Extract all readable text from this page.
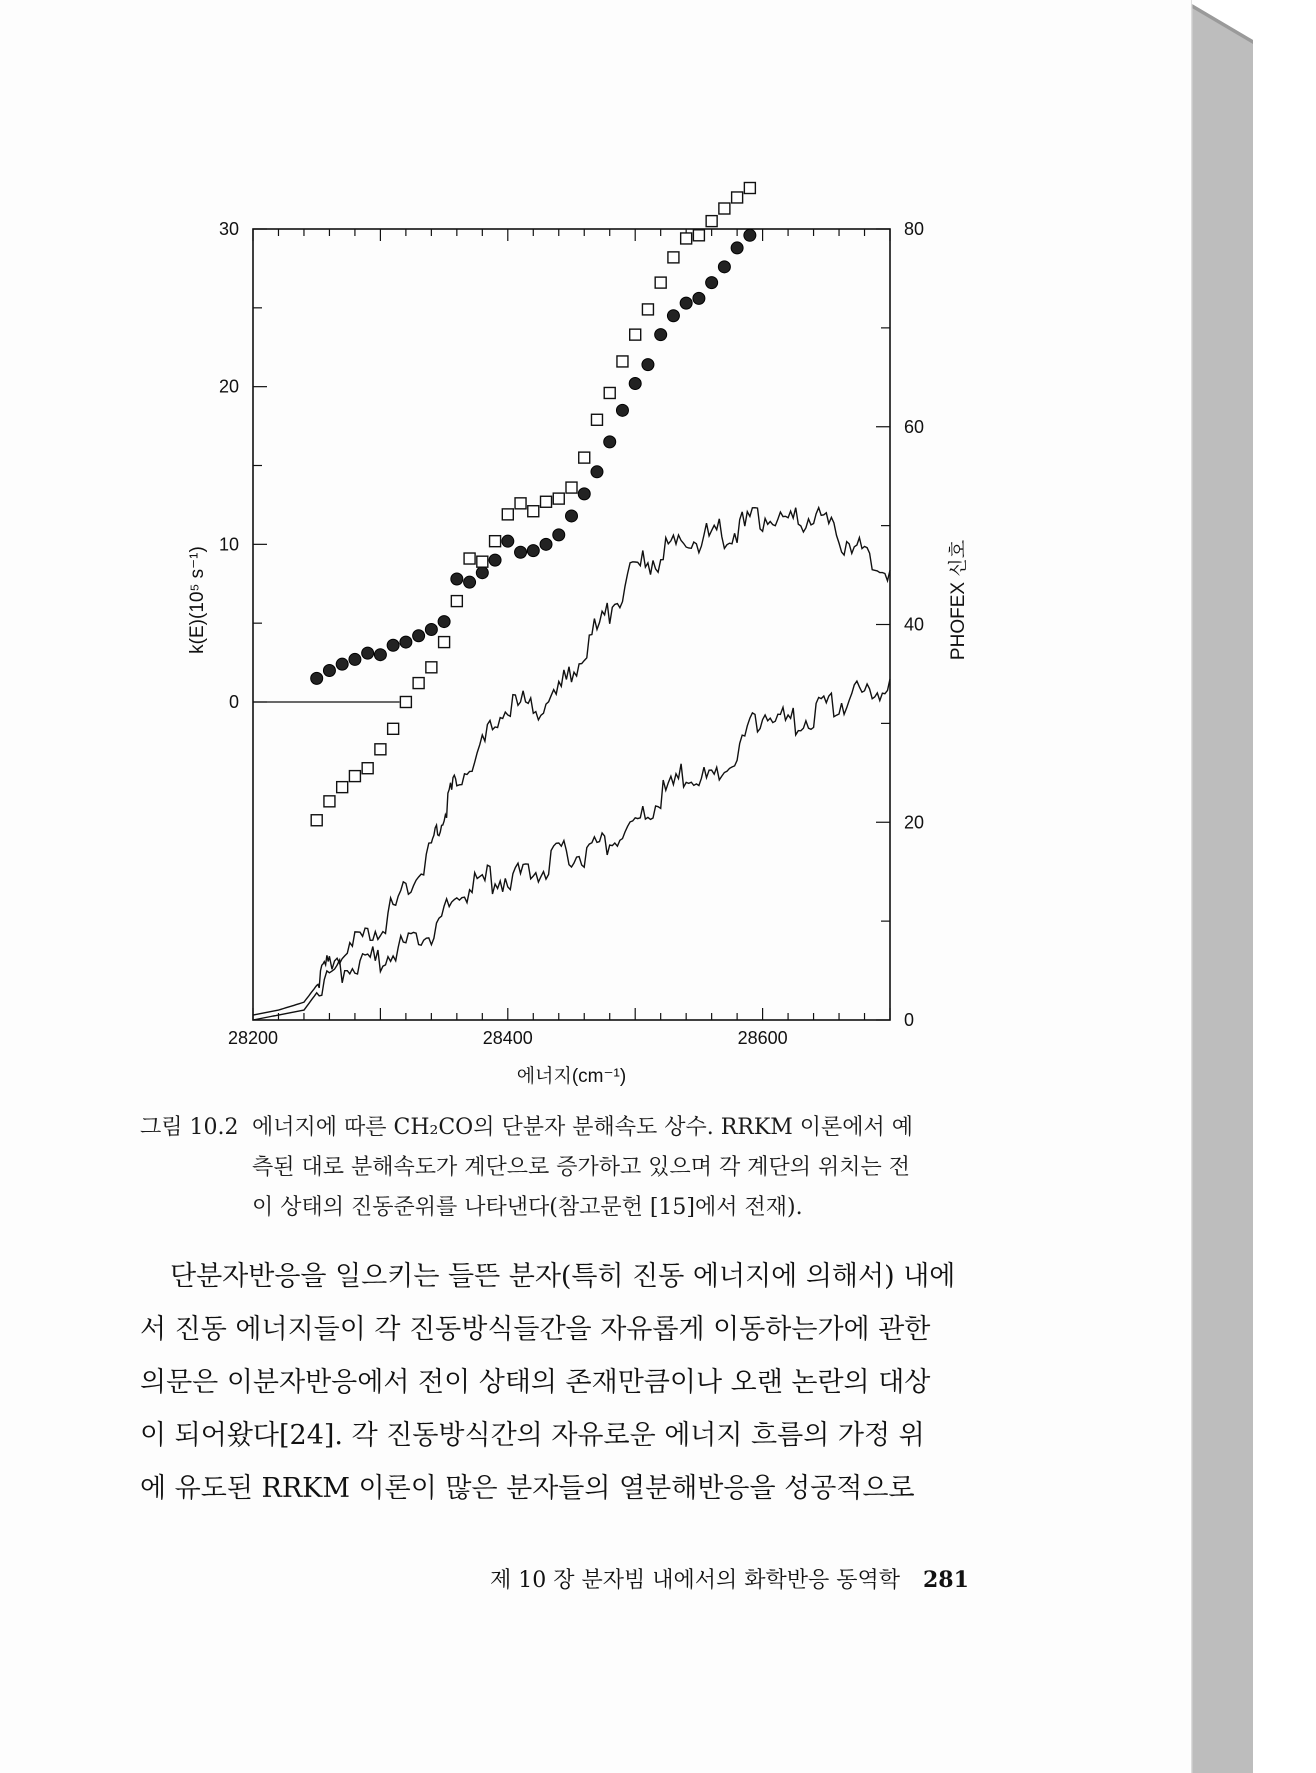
28200	28400	28600
0
10
20
30
0
20
40
60
80
에너지(cm⁻¹)
k(E)(10⁵ s⁻¹)	PHOFEX 신호
그림 10.2 에너지에 따른 CH₂CO의 단분자 분해속도 상수. RRKM 이론에서 예
측된 대로 분해속도가 계단으로 증가하고 있으며 각 계단의 위치는 전
이 상태의 진동준위를 나타낸다(참고문헌 [15]에서 전재).
단분자반응을 일으키는 들뜬 분자(특히 진동 에너지에 의해서) 내에
서 진동 에너지들이 각 진동방식들간을 자유롭게 이동하는가에 관한
의문은 이분자반응에서 전이 상태의 존재만큼이나 오랜 논란의 대상
이 되어왔다[24]. 각 진동방식간의 자유로운 에너지 흐름의 가정 위
에 유도된 RRKM 이론이 많은 분자들의 열분해반응을 성공적으로
제 10 장 분자빔 내에서의 화학반응 동역학 281
